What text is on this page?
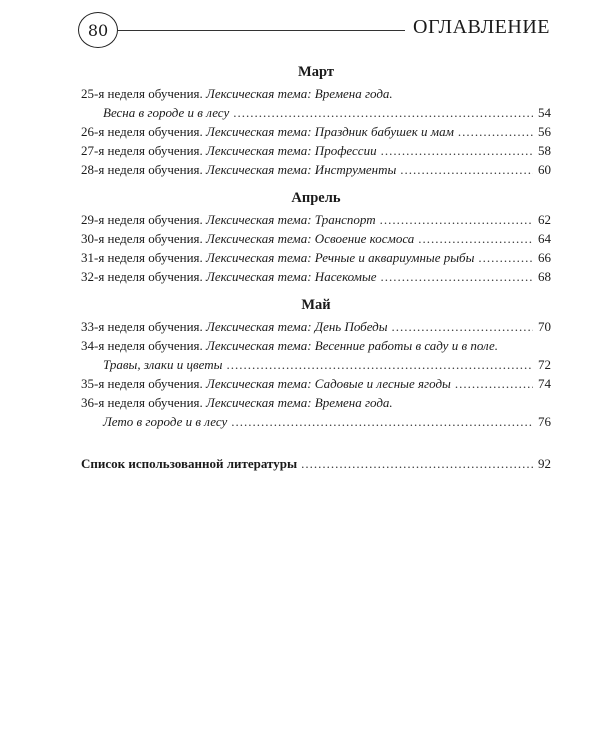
80	ОГЛАВЛЕНИЕ
Март
25-я неделя обучения. Лексическая тема: Времена года.
Весна в городе и в лесу .....	54
26-я неделя обучения. Лексическая тема: Праздник бабушек и мам .....	56
27-я неделя обучения. Лексическая тема: Профессии .....	58
28-я неделя обучения. Лексическая тема: Инструменты .....	60
Апрель
29-я неделя обучения. Лексическая тема: Транспорт .....	62
30-я неделя обучения. Лексическая тема: Освоение космоса .....	64
31-я неделя обучения. Лексическая тема: Речные и аквариумные рыбы .....	66
32-я неделя обучения. Лексическая тема: Насекомые .....	68
Май
33-я неделя обучения. Лексическая тема: День Победы .....	70
34-я неделя обучения. Лексическая тема: Весенние работы в саду и в поле.
Травы, злаки и цветы .....	72
35-я неделя обучения. Лексическая тема: Садовые и лесные ягоды .....	74
36-я неделя обучения. Лексическая тема: Времена года.
Лето в городе и в лесу .....	76
Список использованной литературы .....	92
